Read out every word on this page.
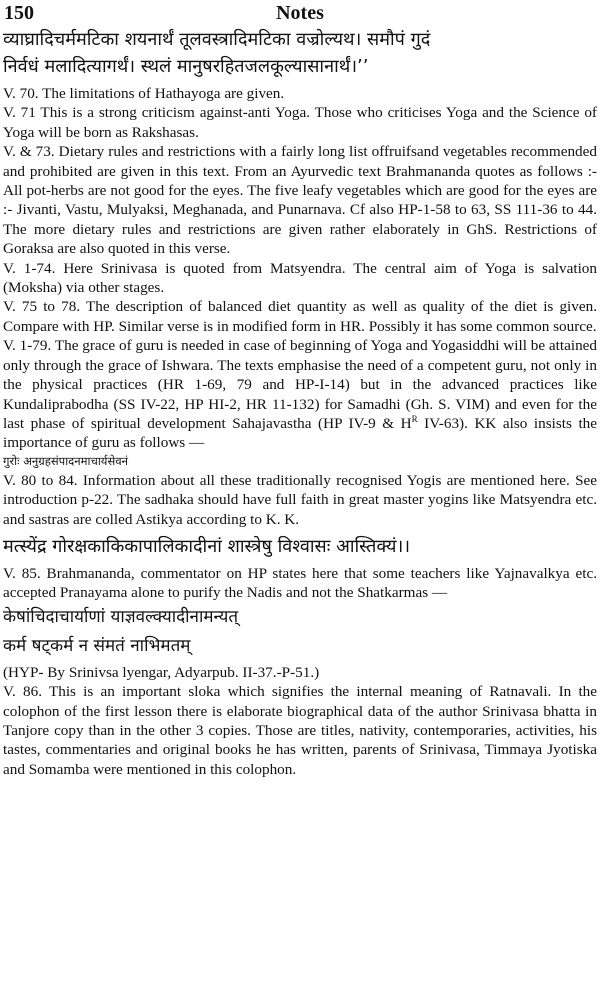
150	Notes

व्याघ्रादिचर्ममटिका शयनार्थं तूलवस्त्रादिमटिका वज्रोल्यथ। समौपं गुदं

निर्वधं मलादित्यागर्थं। स्थलं मानुषरहितजलकूल्यासानार्थं।’’

V. 70. The limitations of Hathayoga are given.

V. 71 This is a strong criticism against-anti Yoga. Those who criticises Yoga and the Science of Yoga will be born as Rakshasas.

V. & 73. Dietary rules and restrictions with a fairly long list offruifsand vegetables recommended and prohibited are given in this text. From an Ayurvedic text Brahmananda quotes as follows :-All pot-herbs are not good for the eyes. The five leafy vegetables which are good for the eyes are :- Jivanti, Vastu, Mulyaksi, Meghanada, and Punarnava. Cf also HP-1-58 to 63, SS 111-36 to 44. The more dietary rules and restrictions are given rather elaborately in GhS. Restrictions of Goraksa are also quoted in this verse.

V. 1-74. Here Srinivasa is quoted from Matsyendra. The central aim of Yoga is salvation (Moksha) via other stages.

V. 75 to 78. The description of balanced diet quantity as well as quality of the diet is given. Compare with HP. Similar verse is in modified form in HR. Possibly it has some common source.

V. 1-79. The grace of guru is needed in case of beginning of Yoga and Yogasiddhi will be attained only through the grace of Ishwara. The texts emphasise the need of a competent guru, not only in the physical practices (HR 1-69, 79 and HP-I-14) but in the advanced practices like Kundaliprabodha (SS IV-22, HP HI-2, HR 11-132) for Samadhi (Gh. S. VIM) and even for the last phase of spiritual development Sahajavastha (HP IV-9 & $H^R$ IV-63). KK also insists the importance of guru as follows —

गुरोः अनुग्रहसंपादनमाचार्यसेवनं

V. 80 to 84. Information about all these traditionally recognised Yogis are mentioned here. See introduction p-22. The sadhaka should have full faith in great master yogins like Matsyendra etc. and sastras are colled Astikya according to K. K.

मत्स्येंद्र गोरक्षकाकिकापालिकादीनां शास्त्रेषु विश्वासः आस्तिक्यं।।

V. 85. Brahmananda, commentator on HP states here that some teachers like Yajnavalkya etc. accepted Pranayama alone to purify the Nadis and not the Shatkarmas —

केषांचिदाचार्याणां याज्ञवल्क्यादीनामन्यत्

कर्म षट्कर्म न संमतं नाभिमतम्

(HYP- By Srinivsa lyengar, Adyarpub. II-37.-P-51.)

V. 86. This is an important sloka which signifies the internal meaning of Ratnavali. In the colophon of the first lesson there is elaborate biographical data of the author Srinivasa bhatta in Tanjore copy than in the other 3 copies. Those are titles, nativity, contemporaries, activities, his tastes, commentaries and original books he has written, parents of Srinivasa, Timmaya Jyotiska and Somamba were mentioned in this colophon.
